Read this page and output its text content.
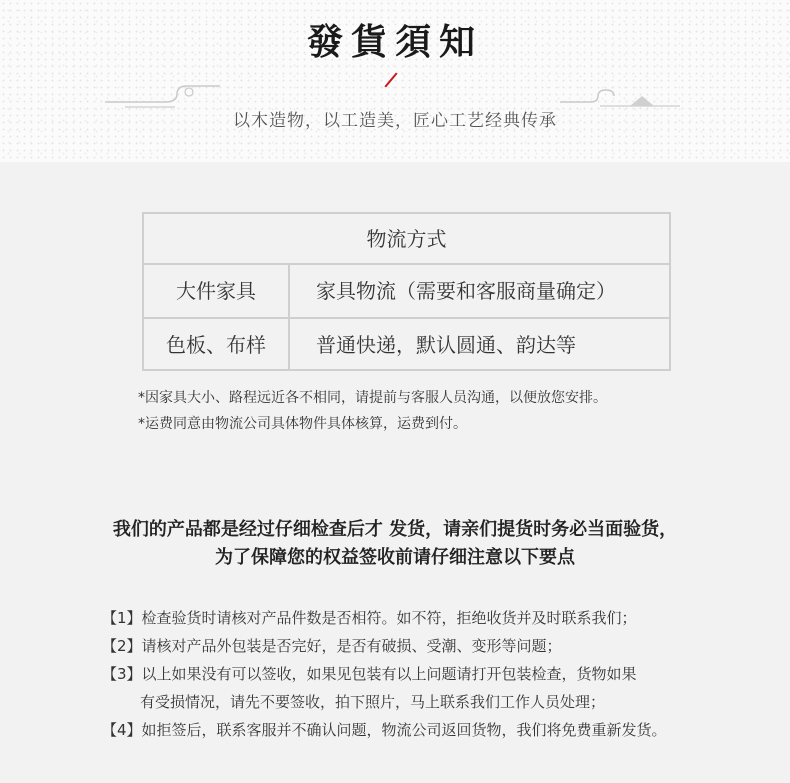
發貨須知
以木造物，以工造美，匠心工艺经典传承
物流方式
大件家具	家具物流（需要和客服商量确定）
色板、布样	普通快递，默认圆通、韵达等
*因家具大小、路程远近各不相同，请提前与客服人员沟通，以便放您安排。
*运费同意由物流公司具体物件具体核算，运费到付。
我们的产品都是经过仔细检查后才 发货，请亲们提货时务必当面验货，
为了保障您的权益签收前请仔细注意以下要点
【1】检查验货时请核对产品件数是否相符。如不符，拒绝收货并及时联系我们；
【2】请核对产品外包装是否完好，是否有破损、受潮、变形等问题；
【3】以上如果没有可以签收，如果见包装有以上问题请打开包装检查，货物如果
有受损情况，请先不要签收，拍下照片，马上联系我们工作人员处理；
【4】如拒签后，联系客服并不确认问题，物流公司返回货物，我们将免费重新发货。
